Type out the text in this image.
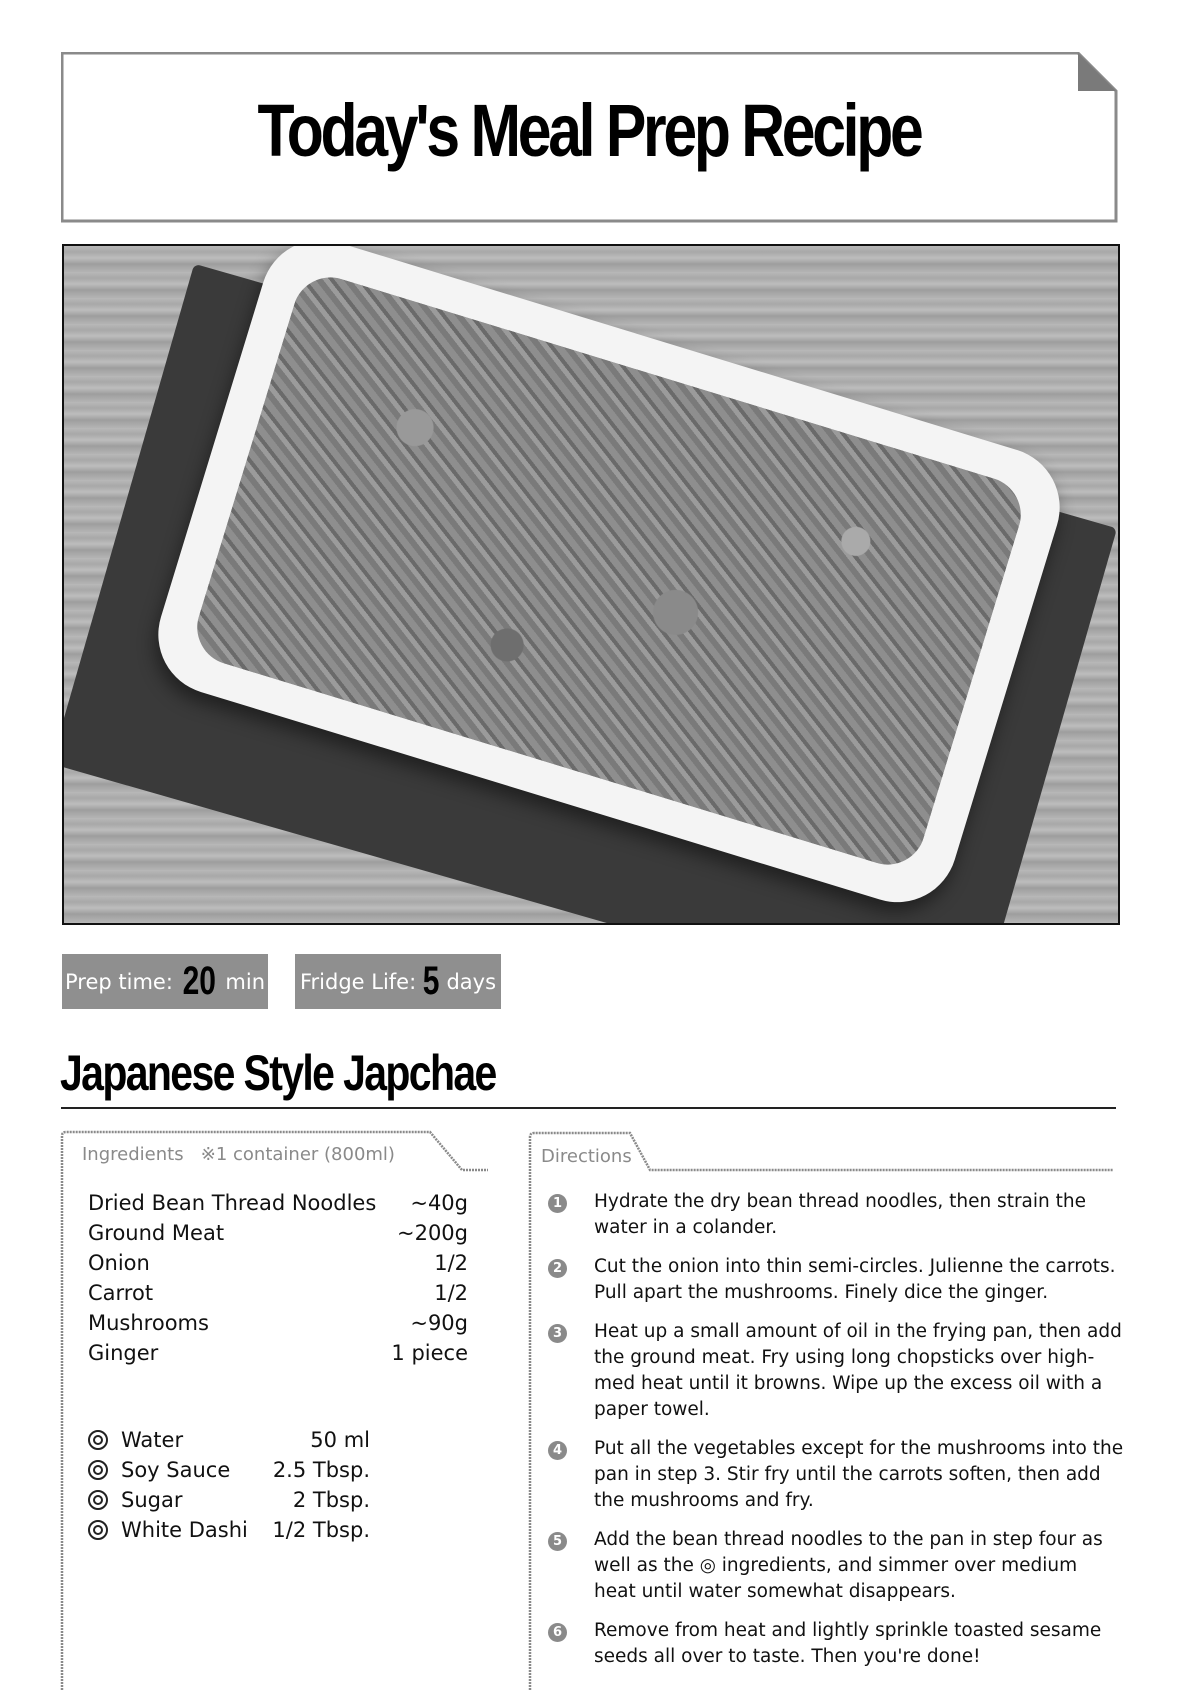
Today's Meal Prep Recipe
Prep time: 20 min Fridge Life: 5 days
Japanese Style Japchae
Ingredients ※1 container (800ml)
Dried Bean Thread Noodles ~40g
Ground Meat	~200g
Onion	1/2
Carrot	1/2
Mushrooms	~90g
Ginger	1 piece
Water	50 ml
Soy Sauce	2.5 Tbsp.
Sugar	2 Tbsp.
White Dashi	1/2 Tbsp.
Directions
1 Hydrate the dry bean thread noodles, then strain the water in a colander.
2 Cut the onion into thin semi-circles. Julienne the carrots. Pull apart the mushrooms. Finely dice the ginger.
3 Heat up a small amount of oil in the frying pan, then add the ground meat. Fry using long chopsticks over high-med heat until it browns. Wipe up the excess oil with a paper towel.
4 Put all the vegetables except for the mushrooms into the pan in step 3. Stir fry until the carrots soften, then add the mushrooms and fry.
5 Add the bean thread noodles to the pan in step four as well as the ◎ ingredients, and simmer over medium heat until water somewhat disappears.
6 Remove from heat and lightly sprinkle toasted sesame seeds all over to taste. Then you're done!
